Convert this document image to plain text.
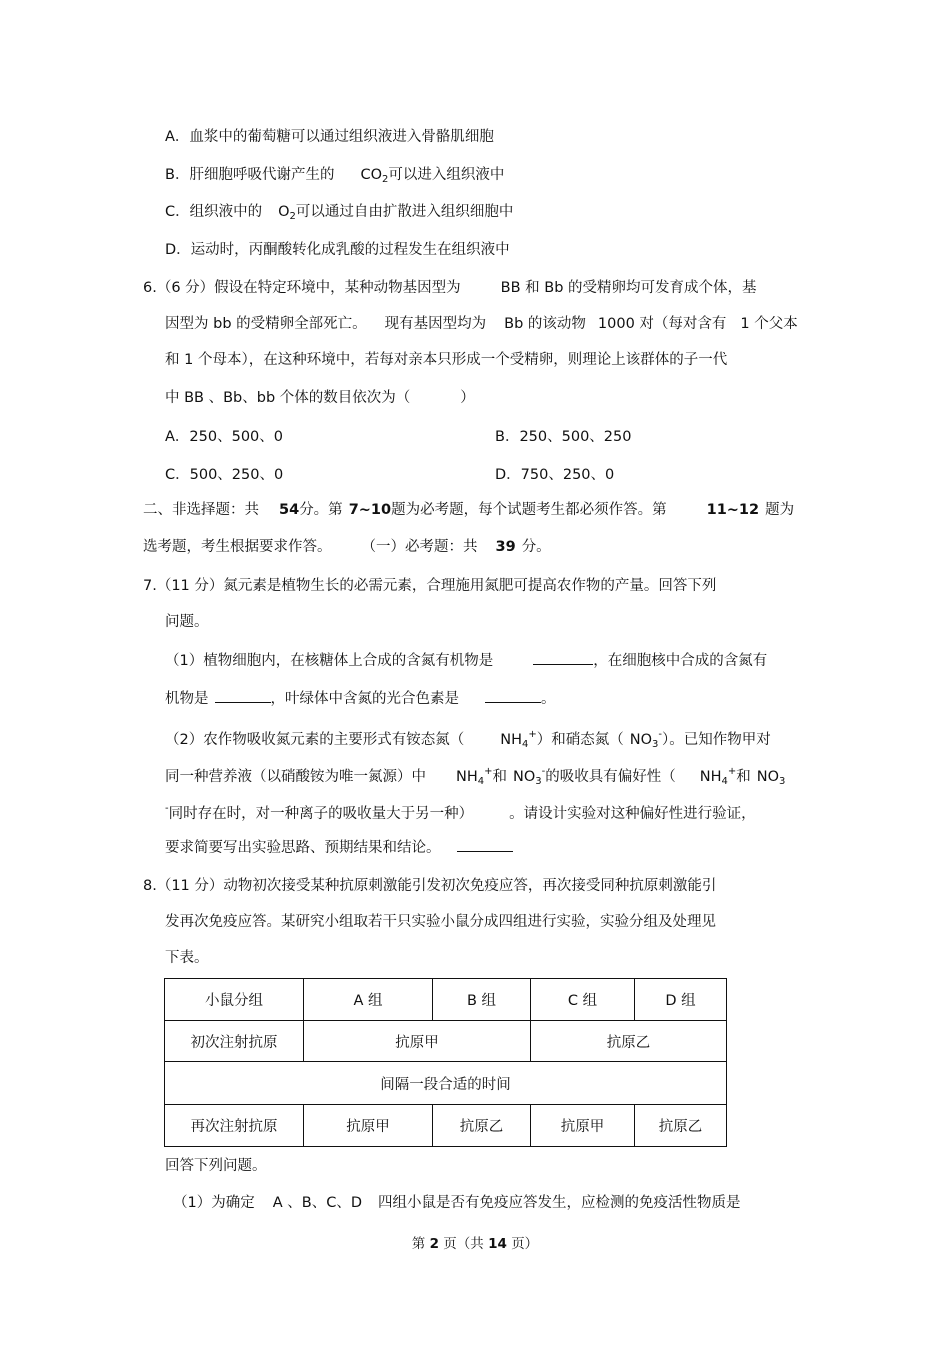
A．血浆中的葡萄糖可以通过组织液进入骨骼肌细胞
B．肝细胞呼吸代谢产生的 $CO_2$可以进入组织液中
C．组织液中的 $O_2$可以通过自由扩散进入组织细胞中
D．运动时，丙酮酸转化成乳酸的过程发生在组织液中
6.（6 分）假设在特定环境中，某种动物基因型为	BB 和 Bb 的受精卵均可发育成个体，基
因型为 bb 的受精卵全部死亡。 现有基因型均为 Bb 的该动物 1000 对（每对含有 1 个父本
和 1 个母本），在这种环境中，若每对亲本只形成一个受精卵，则理论上该群体的子一代
中 BB 、Bb、bb 个体的数目依次为（	）
A．250、500、0	B．250、500、250
C．500、250、0	D．750、250、0
二、非选择题：共 54分。第 7~10题为必考题，每个试题考生都必须作答。第	11~12 题为
选考题，考生根据要求作答。 （一）必考题：共 39 分。
7.（11 分）氮元素是植物生长的必需元素，合理施用氮肥可提高农作物的产量。回答下列
问题。
（1）植物细胞内，在核糖体上合成的含氮有机物是	，在细胞核中合成的含氮有
机物是	，叶绿体中含氮的光合色素是	。
（2）农作物吸收氮元素的主要形式有铵态氮（ $NH_4^+$）和硝态氮（ $NO_3^-$）。已知作物甲对
同一种营养液（以硝酸铵为唯一氮源）中 $NH_4^+$和 $NO_3^-$的吸收具有偏好性（ $NH_4^+$和 $NO_3$
-同时存在时，对一种离子的吸收量大于另一种） 。请设计实验对这种偏好性进行验证，
要求简要写出实验思路、预期结果和结论。
8.（11 分）动物初次接受某种抗原刺激能引发初次免疫应答，再次接受同种抗原刺激能引
发再次免疫应答。某研究小组取若干只实验小鼠分成四组进行实验，实验分组及处理见
下表。
小鼠分组	A 组	B 组	C 组	D 组
初次注射抗原	抗原甲		抗原乙	
间隔一段合适的时间				
再次注射抗原	抗原甲	抗原乙	抗原甲	抗原乙
回答下列问题。
（1）为确定 A 、B、C、D 四组小鼠是否有免疫应答发生，应检测的免疫活性物质是
第 2 页（共 14 页）
